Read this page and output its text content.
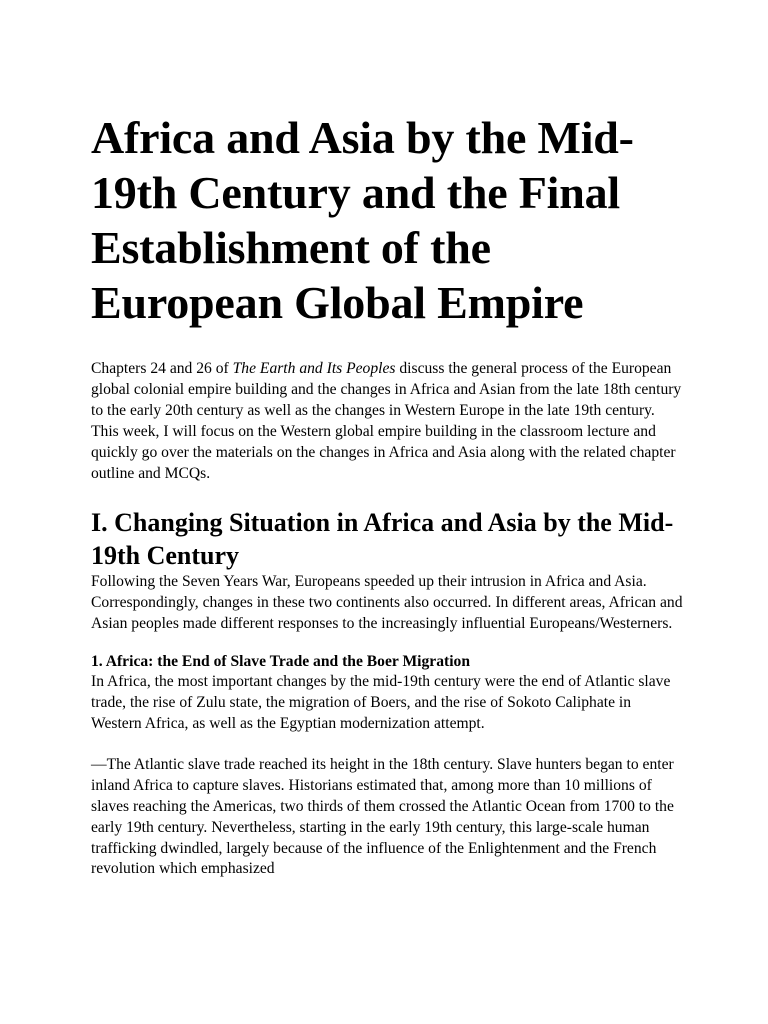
Africa and Asia by the Mid-19th Century and the Final Establishment of the European Global Empire

Chapters 24 and 26 of The Earth and Its Peoples discuss the general process of the European global colonial empire building and the changes in Africa and Asian from the late 18th century to the early 20th century as well as the changes in Western Europe in the late 19th century. This week, I will focus on the Western global empire building in the classroom lecture and quickly go over the materials on the changes in Africa and Asia along with the related chapter outline and MCQs.

I. Changing Situation in Africa and Asia by the Mid-19th Century

Following the Seven Years War, Europeans speeded up their intrusion in Africa and Asia. Correspondingly, changes in these two continents also occurred. In different areas, African and Asian peoples made different responses to the increasingly influential Europeans/Westerners.

1. Africa: the End of Slave Trade and the Boer Migration

In Africa, the most important changes by the mid-19th century were the end of Atlantic slave trade, the rise of Zulu state, the migration of Boers, and the rise of Sokoto Caliphate in Western Africa, as well as the Egyptian modernization attempt.

—The Atlantic slave trade reached its height in the 18th century. Slave hunters began to enter inland Africa to capture slaves. Historians estimated that, among more than 10 millions of slaves reaching the Americas, two thirds of them crossed the Atlantic Ocean from 1700 to the early 19th century. Nevertheless, starting in the early 19th century, this large-scale human trafficking dwindled, largely because of the influence of the Enlightenment and the French revolution which emphasized
